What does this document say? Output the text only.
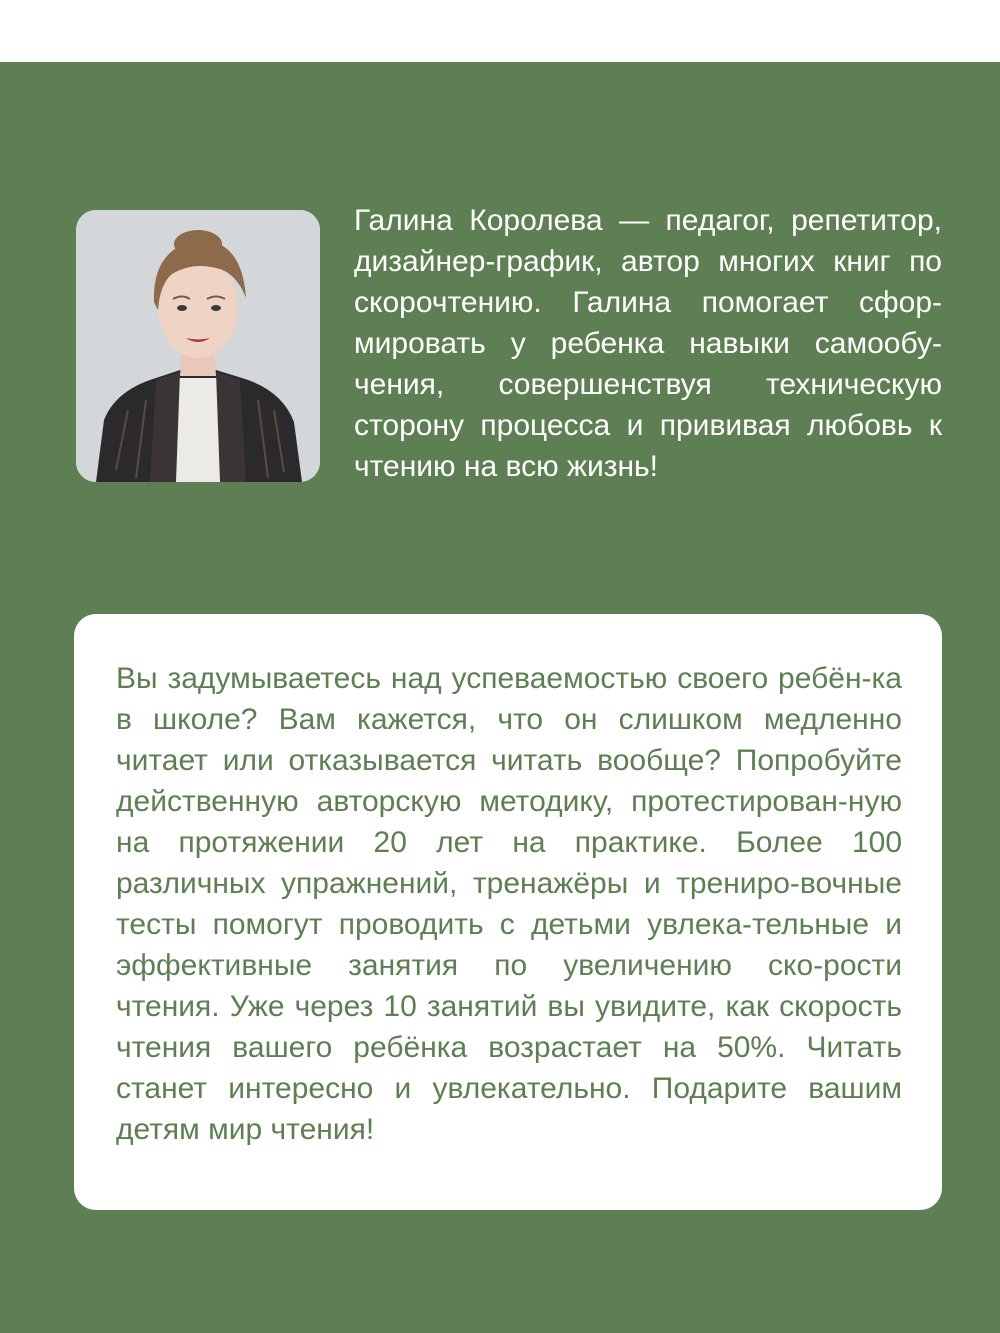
Галина Королева — педагог, репетитор, дизайнер-график, автор многих книг по скорочтению. Галина помогает сфор-мировать у ребенка навыки самообу-чения, совершенствуя техническую сторону процесса и прививая любовь к чтению на всю жизнь!

Вы задумываетесь над успеваемостью своего ребён-ка в школе? Вам кажется, что он слишком медленно читает или отказывается читать вообще? Попробуйте действенную авторскую методику, протестирован-ную на протяжении 20 лет на практике. Более 100 различных упражнений, тренажёры и трениро-вочные тесты помогут проводить с детьми увлека-тельные и эффективные занятия по увеличению ско-рости чтения. Уже через 10 занятий вы увидите, как скорость чтения вашего ребёнка возрастает на 50%. Читать станет интересно и увлекательно. Подарите вашим детям мир чтения!
